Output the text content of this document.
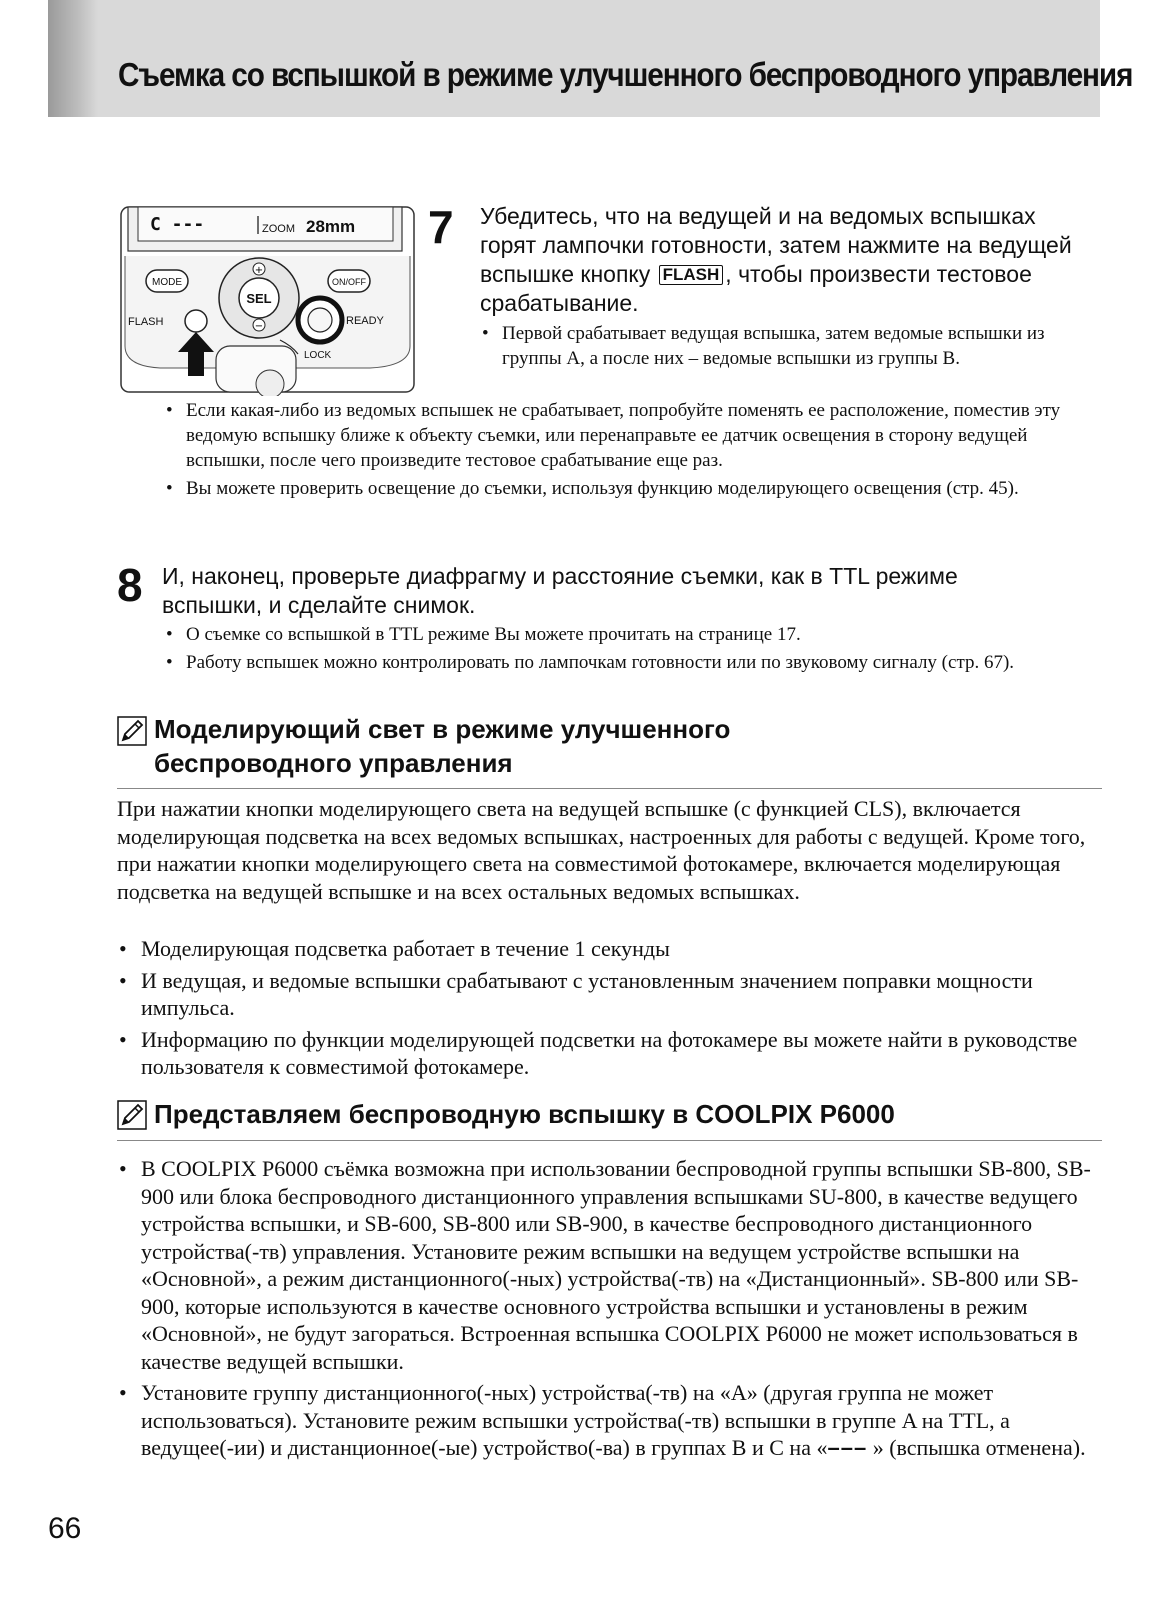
Съемка со вспышкой в режиме улучшенного беспроводного управления
C ---	ZOOM 28mm
MODE	ON/OFF
SEL
+
−
FLASH	READY
LOCK
7 Убедитесь, что на ведущей и на ведомых вспышках горят лампочки готовности, затем нажмите на ведущей вспышке кнопку FLASH , чтобы произвести тестовое срабатывание.
• Первой срабатывает ведущая вспышка, затем ведомые вспышки из группы A, а после них – ведомые вспышки из группы B.
• Если какая-либо из ведомых вспышек не срабатывает, попробуйте поменять ее расположение, поместив эту ведомую вспышку ближе к объекту съемки, или перенаправьте ее датчик освещения в сторону ведущей вспышки, после чего произведите тестовое срабатывание еще раз.
• Вы можете проверить освещение до съемки, используя функцию моделирующего освещения (стр. 45).
8 И, наконец, проверьте диафрагму и расстояние съемки, как в TTL режиме вспышки, и сделайте снимок.
• О съемке со вспышкой в TTL режиме Вы можете прочитать на странице 17.
• Работу вспышек можно контролировать по лампочкам готовности или по звуковому сигналу (стр. 67).
Моделирующий свет в режиме улучшенного
беспроводного управления
При нажатии кнопки моделирующего света на ведущей вспышке (с функцией CLS), включается моделирующая подсветка на всех ведомых вспышках, настроенных для работы с ведущей. Кроме того, при нажатии кнопки моделирующего света на совместимой фотокамере, включается моделирующая подсветка на ведущей вспышке и на всех остальных ведомых вспышках.
• Моделирующая подсветка работает в течение 1 секунды
• И ведущая, и ведомые вспышки срабатывают с установленным значением поправки мощности импульса.
• Информацию по функции моделирующей подсветки на фотокамере вы можете найти в руководстве пользователя к совместимой фотокамере.
Представляем беспроводную вспышку в COOLPIX P6000
• В COOLPIX P6000 съёмка возможна при использовании беспроводной группы вспышки SB-800, SB-900 или блока беспроводного дистанционного управления вспышками SU-800, в качестве ведущего устройства вспышки, и SB-600, SB-800 или SB-900, в качестве беспроводного дистанционного устройства(-тв) управления. Установите режим вспышки на ведущем устройстве вспышки на «Основной», а режим дистанционного(-ных) устройства(-тв) на «Дистанционный». SB-800 или SB-900, которые используются в качестве основного устройства вспышки и установлены в режим «Основной», не будут загораться. Встроенная вспышка COOLPIX P6000 не может использоваться в качестве ведущей вспышки.
• Установите группу дистанционного(-ных) устройства(-тв) на «A» (другая группа не может использоваться). Установите режим вспышки устройства(-тв) вспышки в группе A на TTL, а ведущее(-ии) и дистанционное(-ые) устройство(-ва) в группах B и C на «––– » (вспышка отменена).
66
